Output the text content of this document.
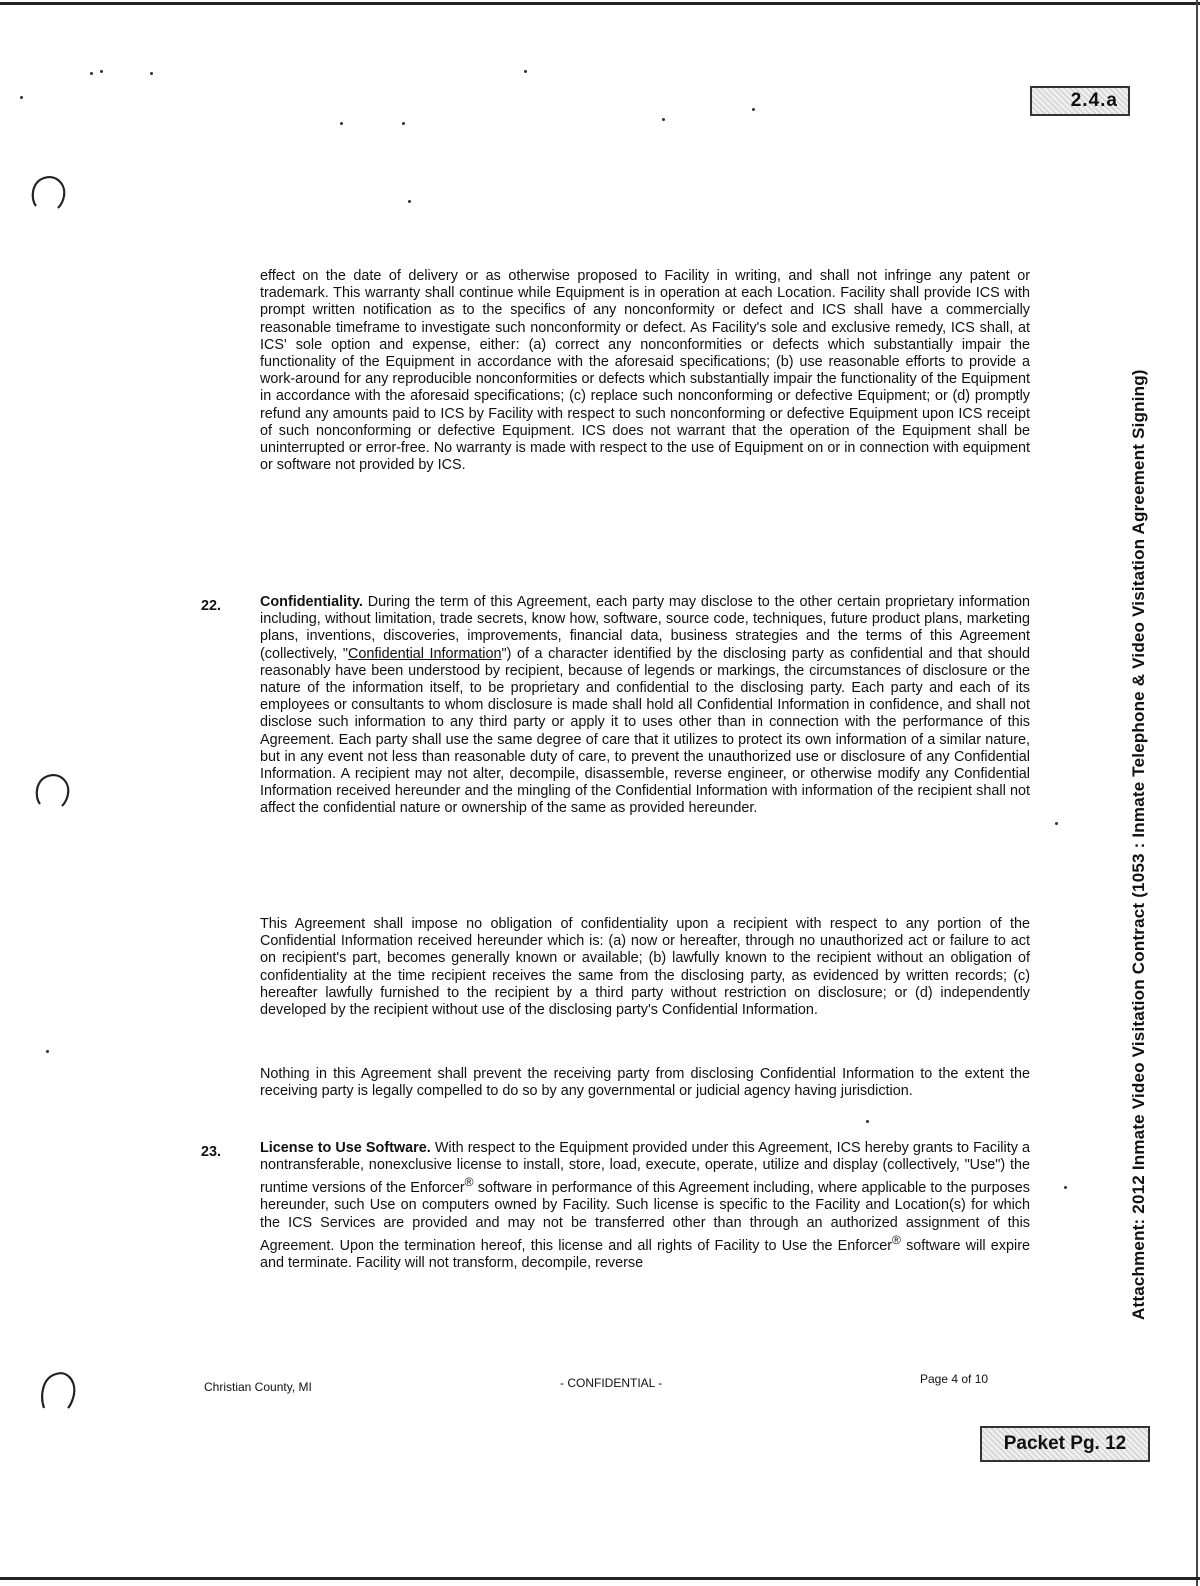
2.4.a
Attachment: 2012 Inmate Video Visitation Contract (1053 : Inmate Telephone & Video Visitation Agreement Signing)

effect on the date of delivery or as otherwise proposed to Facility in writing, and shall not infringe any patent or trademark. This warranty shall continue while Equipment is in operation at each Location. Facility shall provide ICS with prompt written notification as to the specifics of any nonconformity or defect and ICS shall have a commercially reasonable timeframe to investigate such nonconformity or defect. As Facility's sole and exclusive remedy, ICS shall, at ICS' sole option and expense, either: (a) correct any nonconformities or defects which substantially impair the functionality of the Equipment in accordance with the aforesaid specifications; (b) use reasonable efforts to provide a work-around for any reproducible nonconformities or defects which substantially impair the functionality of the Equipment in accordance with the aforesaid specifications; (c) replace such nonconforming or defective Equipment; or (d) promptly refund any amounts paid to ICS by Facility with respect to such nonconforming or defective Equipment upon ICS receipt of such nonconforming or defective Equipment. ICS does not warrant that the operation of the Equipment shall be uninterrupted or error-free. No warranty is made with respect to the use of Equipment on or in connection with equipment or software not provided by ICS.

22.	Confidentiality. During the term of this Agreement, each party may disclose to the other certain proprietary information including, without limitation, trade secrets, know how, software, source code, techniques, future product plans, marketing plans, inventions, discoveries, improvements, financial data, business strategies and the terms of this Agreement (collectively, "Confidential Information") of a character identified by the disclosing party as confidential and that should reasonably have been understood by recipient, because of legends or markings, the circumstances of disclosure or the nature of the information itself, to be proprietary and confidential to the disclosing party. Each party and each of its employees or consultants to whom disclosure is made shall hold all Confidential Information in confidence, and shall not disclose such information to any third party or apply it to uses other than in connection with the performance of this Agreement. Each party shall use the same degree of care that it utilizes to protect its own information of a similar nature, but in any event not less than reasonable duty of care, to prevent the unauthorized use or disclosure of any Confidential Information. A recipient may not alter, decompile, disassemble, reverse engineer, or otherwise modify any Confidential Information received hereunder and the mingling of the Confidential Information with information of the recipient shall not affect the confidential nature or ownership of the same as provided hereunder.

This Agreement shall impose no obligation of confidentiality upon a recipient with respect to any portion of the Confidential Information received hereunder which is: (a) now or hereafter, through no unauthorized act or failure to act on recipient's part, becomes generally known or available; (b) lawfully known to the recipient without an obligation of confidentiality at the time recipient receives the same from the disclosing party, as evidenced by written records; (c) hereafter lawfully furnished to the recipient by a third party without restriction on disclosure; or (d) independently developed by the recipient without use of the disclosing party's Confidential Information.

Nothing in this Agreement shall prevent the receiving party from disclosing Confidential Information to the extent the receiving party is legally compelled to do so by any governmental or judicial agency having jurisdiction.

23.	License to Use Software. With respect to the Equipment provided under this Agreement, ICS hereby grants to Facility a nontransferable, nonexclusive license to install, store, load, execute, operate, utilize and display (collectively, "Use") the runtime versions of the Enforcer® software in performance of this Agreement including, where applicable to the purposes hereunder, such Use on computers owned by Facility. Such license is specific to the Facility and Location(s) for which the ICS Services are provided and may not be transferred other than through an authorized assignment of this Agreement. Upon the termination hereof, this license and all rights of Facility to Use the Enforcer® software will expire and terminate. Facility will not transform, decompile, reverse

Christian County, MI	- CONFIDENTIAL -	Page 4 of 10
Packet Pg. 12
